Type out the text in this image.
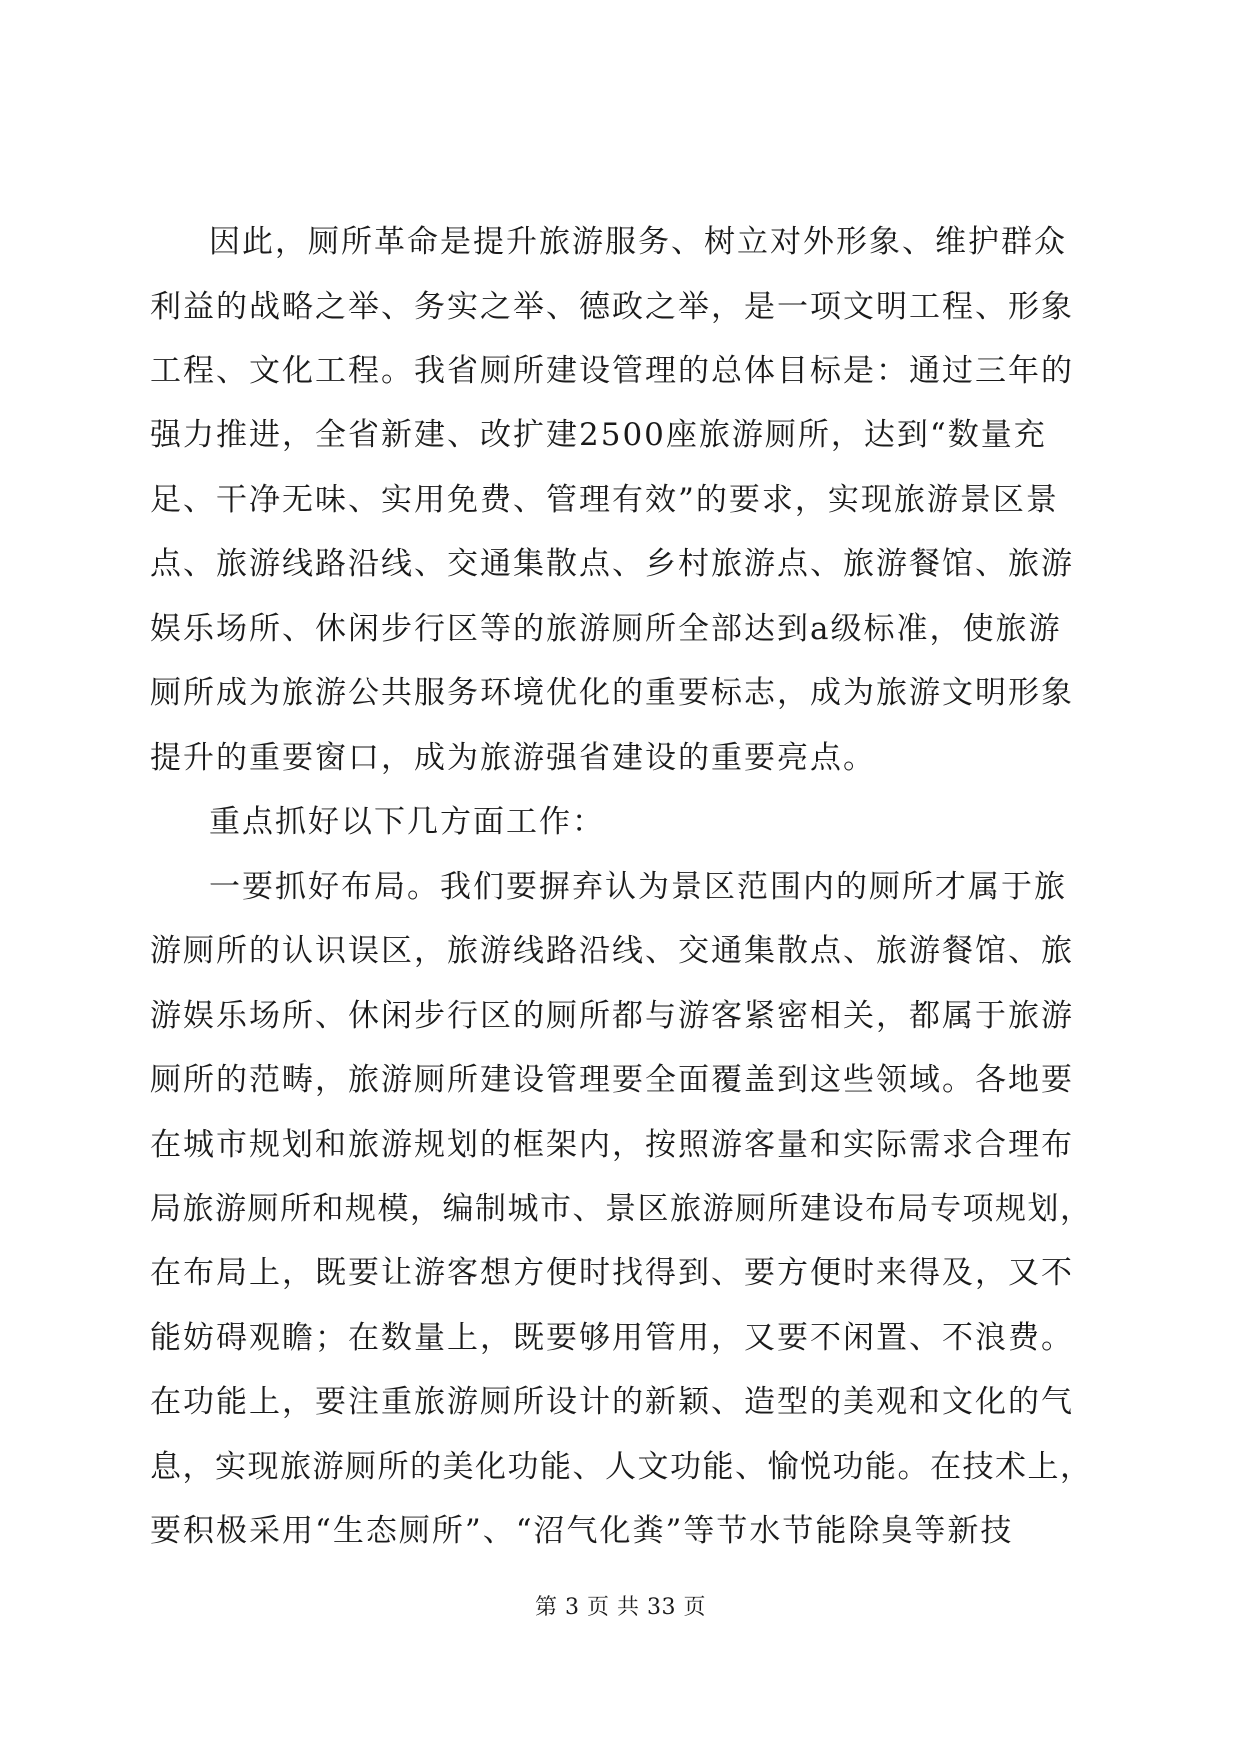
因此，厕所革命是提升旅游服务、树立对外形象、维护群众
利益的战略之举、务实之举、德政之举，是一项文明工程、形象
工程、文化工程。我省厕所建设管理的总体目标是：通过三年的
强力推进，全省新建、改扩建2500座旅游厕所，达到“数量充
足、干净无味、实用免费、管理有效”的要求，实现旅游景区景
点、旅游线路沿线、交通集散点、乡村旅游点、旅游餐馆、旅游
娱乐场所、休闲步行区等的旅游厕所全部达到a级标准，使旅游
厕所成为旅游公共服务环境优化的重要标志，成为旅游文明形象
提升的重要窗口，成为旅游强省建设的重要亮点。
重点抓好以下几方面工作：
一要抓好布局。我们要摒弃认为景区范围内的厕所才属于旅
游厕所的认识误区，旅游线路沿线、交通集散点、旅游餐馆、旅
游娱乐场所、休闲步行区的厕所都与游客紧密相关，都属于旅游
厕所的范畴，旅游厕所建设管理要全面覆盖到这些领域。各地要
在城市规划和旅游规划的框架内，按照游客量和实际需求合理布
局旅游厕所和规模，编制城市、景区旅游厕所建设布局专项规划，
在布局上，既要让游客想方便时找得到、要方便时来得及，又不
能妨碍观瞻；在数量上，既要够用管用，又要不闲置、不浪费。
在功能上，要注重旅游厕所设计的新颖、造型的美观和文化的气
息，实现旅游厕所的美化功能、人文功能、愉悦功能。在技术上，
要积极采用“生态厕所”、“沼气化粪”等节水节能除臭等新技
第 3 页 共 33 页
